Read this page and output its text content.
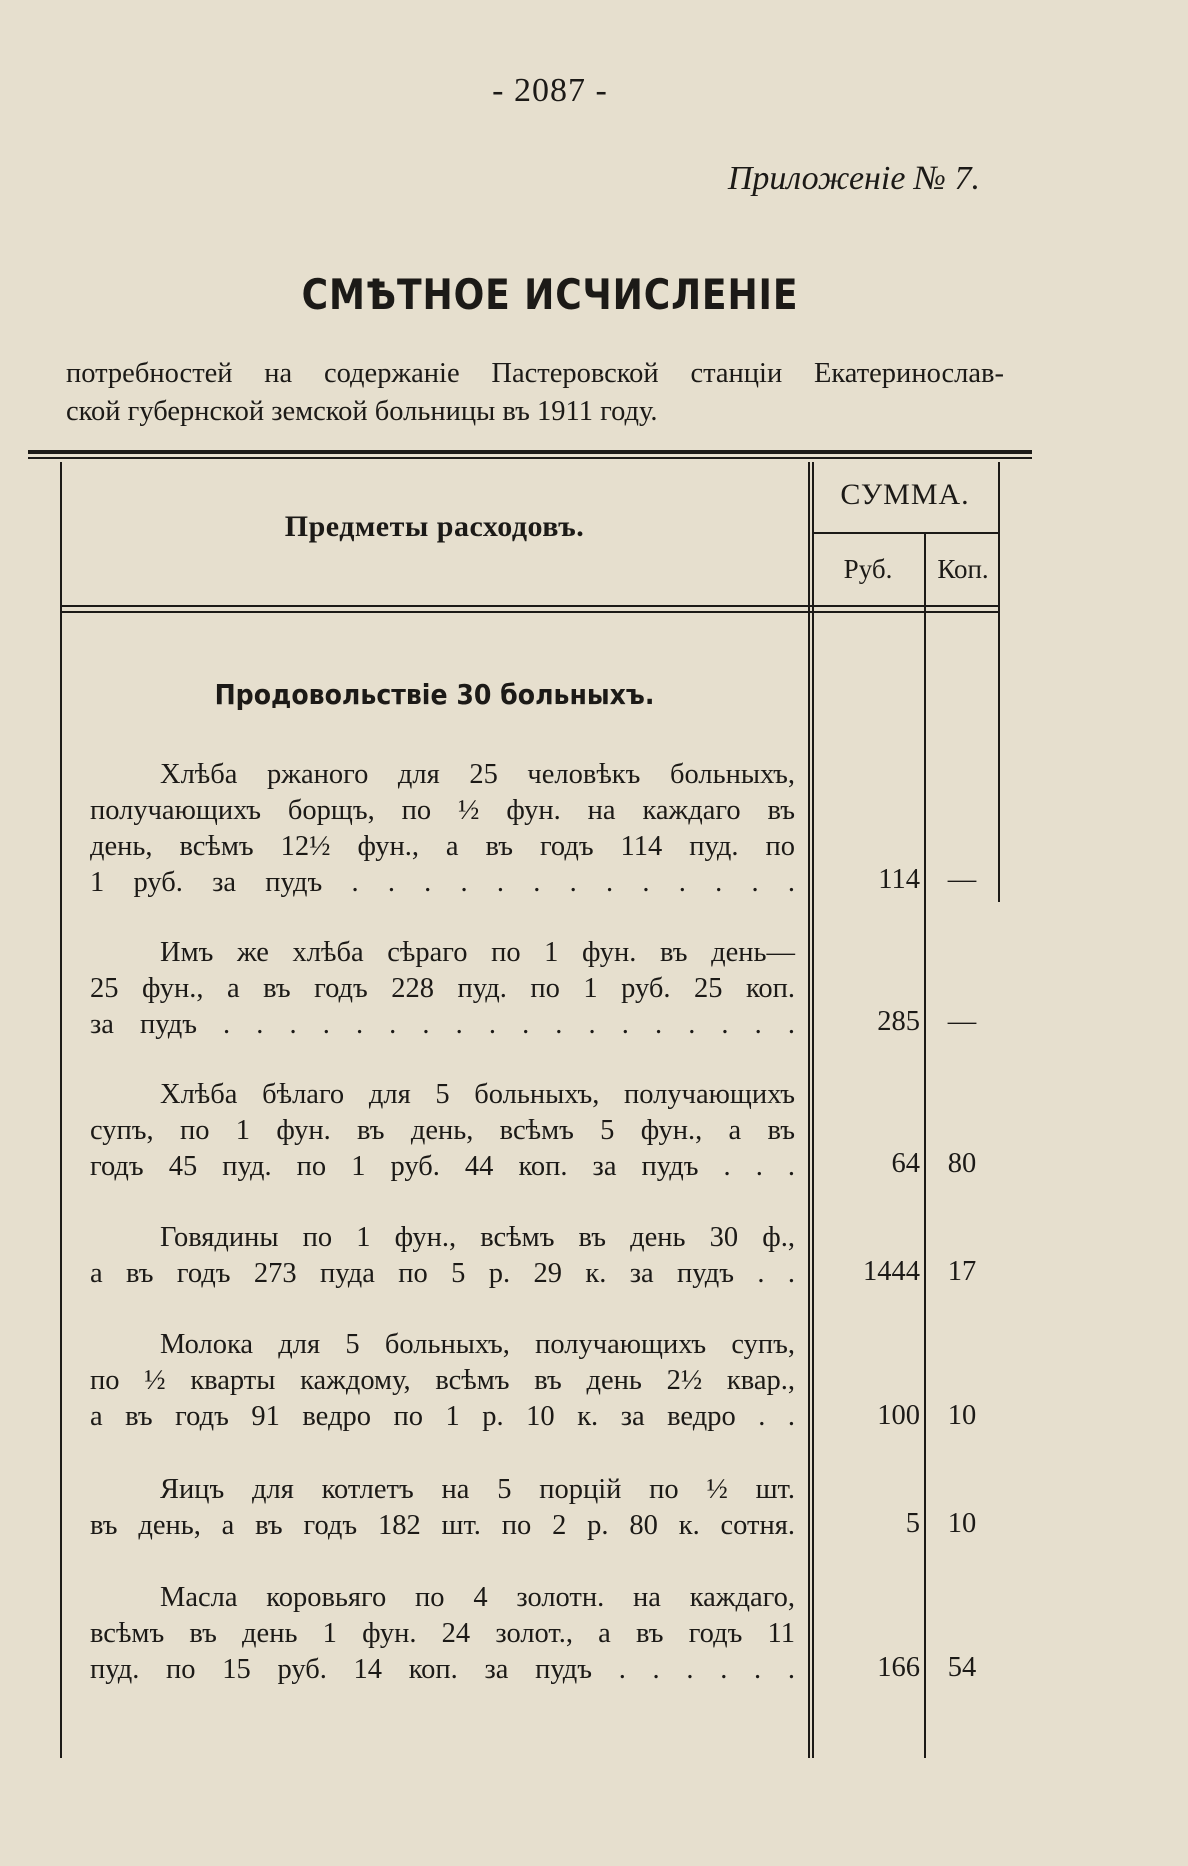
- 2087 -
Приложеніе № 7.
СМѢТНОЕ ИСЧИСЛЕНІЕ
потребностей на содержаніе Пастеровской станціи Екатеринослав-
ской губернской земской больницы въ 1911 году.
Предметы расходовъ.
СУММА.
Руб.	Коп.
Продовольствіе 30 больныхъ.
Хлѣба ржаного для 25 человѣкъ больныхъ,
получающихъ борщъ, по ½ фун. на каждаго въ
день, всѣмъ 12½ фун., а въ годъ 114 пуд. по
1 руб. за пудъ . . . . . . . . . . . . .	114 —
Имъ же хлѣба сѣраго по 1 фун. въ день—
25 фун., а въ годъ 228 пуд. по 1 руб. 25 коп.
за пудъ . . . . . . . . . . . . . . . . . .	285 —
Хлѣба бѣлаго для 5 больныхъ, получающихъ
супъ, по 1 фун. въ день, всѣмъ 5 фун., а въ
годъ 45 пуд. по 1 руб. 44 коп. за пудъ . . .	64 80
Говядины по 1 фун., всѣмъ въ день 30 ф.,
а въ годъ 273 пуда по 5 р. 29 к. за пудъ . .	1444 17
Молока для 5 больныхъ, получающихъ супъ,
по ½ кварты каждому, всѣмъ въ день 2½ квар.,
а въ годъ 91 ведро по 1 р. 10 к. за ведро . .	100 10
Яицъ для котлетъ на 5 порцій по ½ шт.
въ день, а въ годъ 182 шт. по 2 р. 80 к. сотня.	5 10
Масла коровьяго по 4 золотн. на каждаго,
всѣмъ въ день 1 фун. 24 золот., а въ годъ 11
пуд. по 15 руб. 14 коп. за пудъ . . . . . .	166 54
